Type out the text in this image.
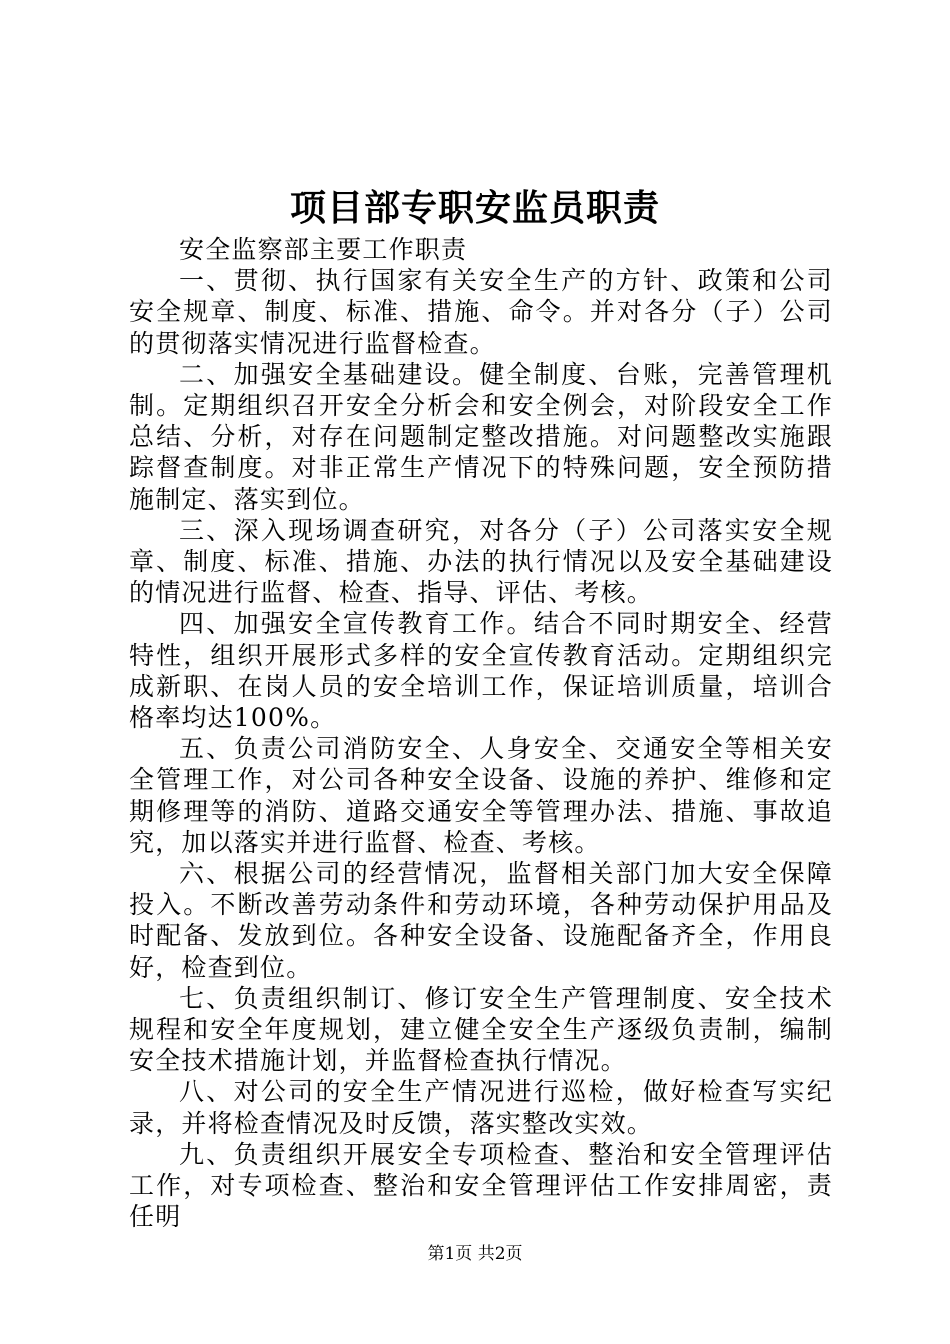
项目部专职安监员职责

安全监察部主要工作职责

一、贯彻、执行国家有关安全生产的方针、政策和公司安全规章、制度、标准、措施、命令。并对各分（子）公司的贯彻落实情况进行监督检查。

二、加强安全基础建设。健全制度、台账，完善管理机制。定期组织召开安全分析会和安全例会，对阶段安全工作总结、分析，对存在问题制定整改措施。对问题整改实施跟踪督查制度。对非正常生产情况下的特殊问题，安全预防措施制定、落实到位。

三、深入现场调查研究，对各分（子）公司落实安全规章、制度、标准、措施、办法的执行情况以及安全基础建设的情况进行监督、检查、指导、评估、考核。

四、加强安全宣传教育工作。结合不同时期安全、经营特性，组织开展形式多样的安全宣传教育活动。定期组织完成新职、在岗人员的安全培训工作，保证培训质量，培训合格率均达100%。

五、负责公司消防安全、人身安全、交通安全等相关安全管理工作，对公司各种安全设备、设施的养护、维修和定期修理等的消防、道路交通安全等管理办法、措施、事故追究，加以落实并进行监督、检查、考核。

六、根据公司的经营情况，监督相关部门加大安全保障投入。不断改善劳动条件和劳动环境，各种劳动保护用品及时配备、发放到位。各种安全设备、设施配备齐全，作用良好，检查到位。

七、负责组织制订、修订安全生产管理制度、安全技术规程和安全年度规划，建立健全安全生产逐级负责制，编制安全技术措施计划，并监督检查执行情况。

八、对公司的安全生产情况进行巡检，做好检查写实纪录，并将检查情况及时反馈，落实整改实效。

九、负责组织开展安全专项检查、整治和安全管理评估工作，对专项检查、整治和安全管理评估工作安排周密，责任明

第1页 共2页
